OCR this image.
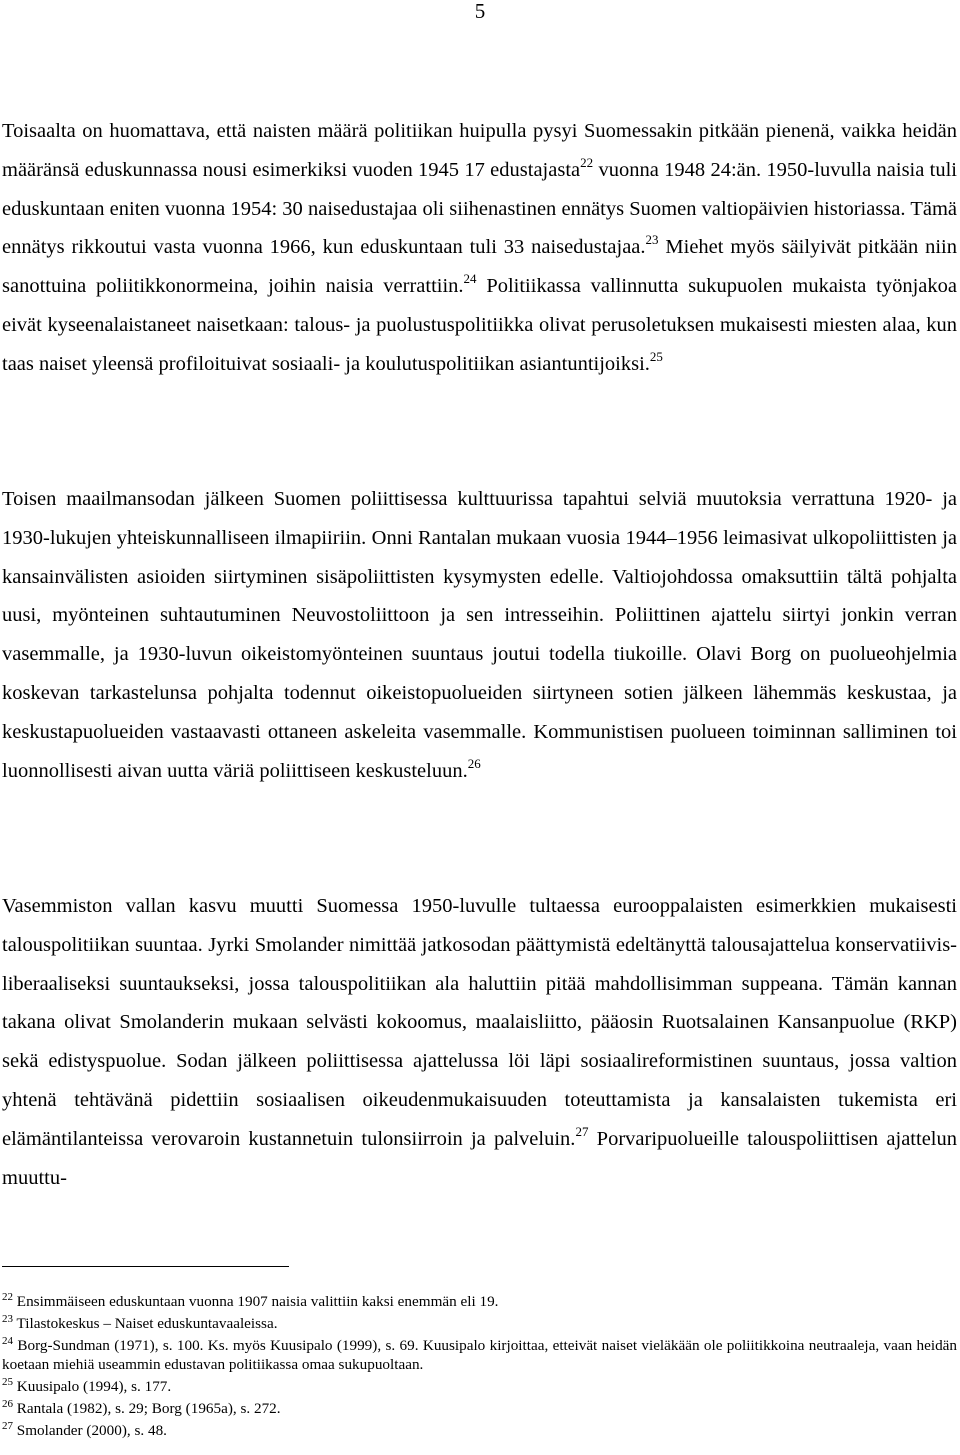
5

Toisaalta on huomattava, että naisten määrä politiikan huipulla pysyi Suomessakin pitkään pienenä, vaikka heidän määränsä eduskunnassa nousi esimerkiksi vuoden 1945 17 edustajasta$^{22}$ vuonna 1948 24:än. 1950-luvulla naisia tuli eduskuntaan eniten vuonna 1954: 30 naisedustajaa oli siihenastinen ennätys Suomen valtiopäivien historiassa. Tämä ennätys rikkoutui vasta vuonna 1966, kun eduskuntaan tuli 33 naisedustajaa.$^{23}$ Miehet myös säilyivät pitkään niin sanottuina poliitikkonormeina, joihin naisia verrattiin.$^{24}$ Politiikassa vallinnutta sukupuolen mukaista työnjakoa eivät kyseenalaistaneet naisetkaan: talous- ja puolustuspolitiikka olivat perusoletuksen mukaisesti miesten alaa, kun taas naiset yleensä profiloituivat sosiaali- ja koulutuspolitiikan asiantuntijoiksi.$^{25}$

Toisen maailmansodan jälkeen Suomen poliittisessa kulttuurissa tapahtui selviä muutoksia verrattuna 1920- ja 1930-lukujen yhteiskunnalliseen ilmapiiriin. Onni Rantalan mukaan vuosia 1944–1956 leimasivat ulkopoliittisten ja kansainvälisten asioiden siirtyminen sisäpoliittisten kysymysten edelle. Valtiojohdossa omaksuttiin tältä pohjalta uusi, myönteinen suhtautuminen Neuvostoliittoon ja sen intresseihin. Poliittinen ajattelu siirtyi jonkin verran vasemmalle, ja 1930-luvun oikeistomyönteinen suuntaus joutui todella tiukoille. Olavi Borg on puolueohjelmia koskevan tarkastelunsa pohjalta todennut oikeistopuolueiden siirtyneen sotien jälkeen lähemmäs keskustaa, ja keskustapuolueiden vastaavasti ottaneen askeleita vasemmalle. Kommunistisen puolueen toiminnan salliminen toi luonnollisesti aivan uutta väriä poliittiseen keskusteluun.$^{26}$

Vasemmiston vallan kasvu muutti Suomessa 1950-luvulle tultaessa eurooppalaisten esimerkkien mukaisesti talouspolitiikan suuntaa. Jyrki Smolander nimittää jatkosodan päättymistä edeltänyttä talousajattelua konservatiivis-liberaaliseksi suuntaukseksi, jossa talouspolitiikan ala haluttiin pitää mahdollisimman suppeana. Tämän kannan takana olivat Smolanderin mukaan selvästi kokoomus, maalaisliitto, pääosin Ruotsalainen Kansanpuolue (RKP) sekä edistyspuolue. Sodan jälkeen poliittisessa ajattelussa löi läpi sosiaalireformistinen suuntaus, jossa valtion yhtenä tehtävänä pidettiin sosiaalisen oikeudenmukaisuuden toteuttamista ja kansalaisten tukemista eri elämäntilanteissa verovaroin kustannetuin tulonsiirroin ja palveluin.$^{27}$ Porvaripuolueille talouspoliittisen ajattelun muuttu-

$^{22}$ Ensimmäiseen eduskuntaan vuonna 1907 naisia valittiin kaksi enemmän eli 19.

$^{23}$ Tilastokeskus – Naiset eduskuntavaaleissa.

$^{24}$ Borg-Sundman (1971), s. 100. Ks. myös Kuusipalo (1999), s. 69. Kuusipalo kirjoittaa, etteivät naiset vieläkään ole poliitikkoina neutraaleja, vaan heidän koetaan miehiä useammin edustavan politiikassa omaa sukupuoltaan.

$^{25}$ Kuusipalo (1994), s. 177.

$^{26}$ Rantala (1982), s. 29; Borg (1965a), s. 272.

$^{27}$ Smolander (2000), s. 48.
